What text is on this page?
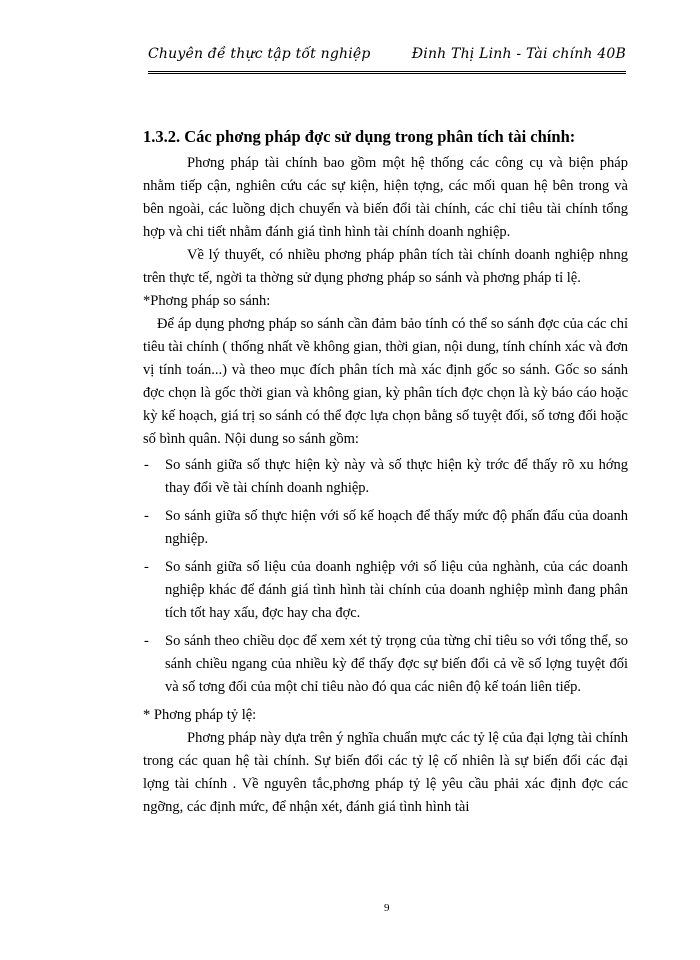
Chuyên đề thực tập tốt nghiệp	Đinh Thị Linh - Tài chính 40B
1.3.2. Các phơng pháp đợc sử dụng trong phân tích tài chính:

Phơng pháp tài chính bao gồm một hệ thống các công cụ và biện pháp nhằm tiếp cận, nghiên cứu các sự kiện, hiện tợng, các mối quan hệ bên trong và bên ngoài, các luồng dịch chuyển và biến đổi tài chính, các chỉ tiêu tài chính tổng hợp và chi tiết nhằm đánh giá tình hình tài chính doanh nghiệp.

Về lý thuyết, có nhiều phơng pháp phân tích tài chính doanh nghiệp nhng trên thực tế, ngời ta thờng sử dụng phơng pháp so sánh và phơng pháp tỉ lệ.

*Phơng pháp so sánh:

Để áp dụng phơng pháp so sánh cần đảm bảo tính có thể so sánh đợc của các chỉ tiêu tài chính ( thống nhất về không gian, thời gian, nội dung, tính chính xác và đơn vị tính toán...) và theo mục đích phân tích mà xác định gốc so sánh. Gốc so sánh đợc chọn là gốc thời gian và không gian, kỳ phân tích đợc chọn là kỳ báo cáo hoặc kỳ kế hoạch, giá trị so sánh có thể đợc lựa chọn bằng số tuyệt đối, số tơng đối hoặc số bình quân. Nội dung so sánh gồm:

- So sánh giữa số thực hiện kỳ này và số thực hiện kỳ trớc để thấy rõ xu hớng thay đổi về tài chính doanh nghiệp.
- So sánh giữa số thực hiện với số kế hoạch để thấy mức độ phấn đấu của doanh nghiệp.
- So sánh giữa số liệu của doanh nghiệp với số liệu của nghành, của các doanh nghiệp khác để đánh giá tình hình tài chính của doanh nghiệp mình đang phân tích tốt hay xấu, đợc hay cha đợc.
- So sánh theo chiều dọc để xem xét tỷ trọng của từng chỉ tiêu so với tổng thể, so sánh chiều ngang của nhiều kỳ để thấy đợc sự biến đổi cả về số lợng tuyệt đối và số tơng đối của một chỉ tiêu nào đó qua các niên độ kế toán liên tiếp.

* Phơng pháp tỷ lệ:

Phơng pháp này dựa trên ý nghĩa chuẩn mực các tỷ lệ của đại lợng tài chính trong các quan hệ tài chính. Sự biến đổi các tỷ lệ cố nhiên là sự biến đổi các đại lợng tài chính . Về nguyên tắc,phơng pháp tỷ lệ yêu cầu phải xác định đợc các ngỡng, các định mức, để nhận xét, đánh giá tình hình tài

9
